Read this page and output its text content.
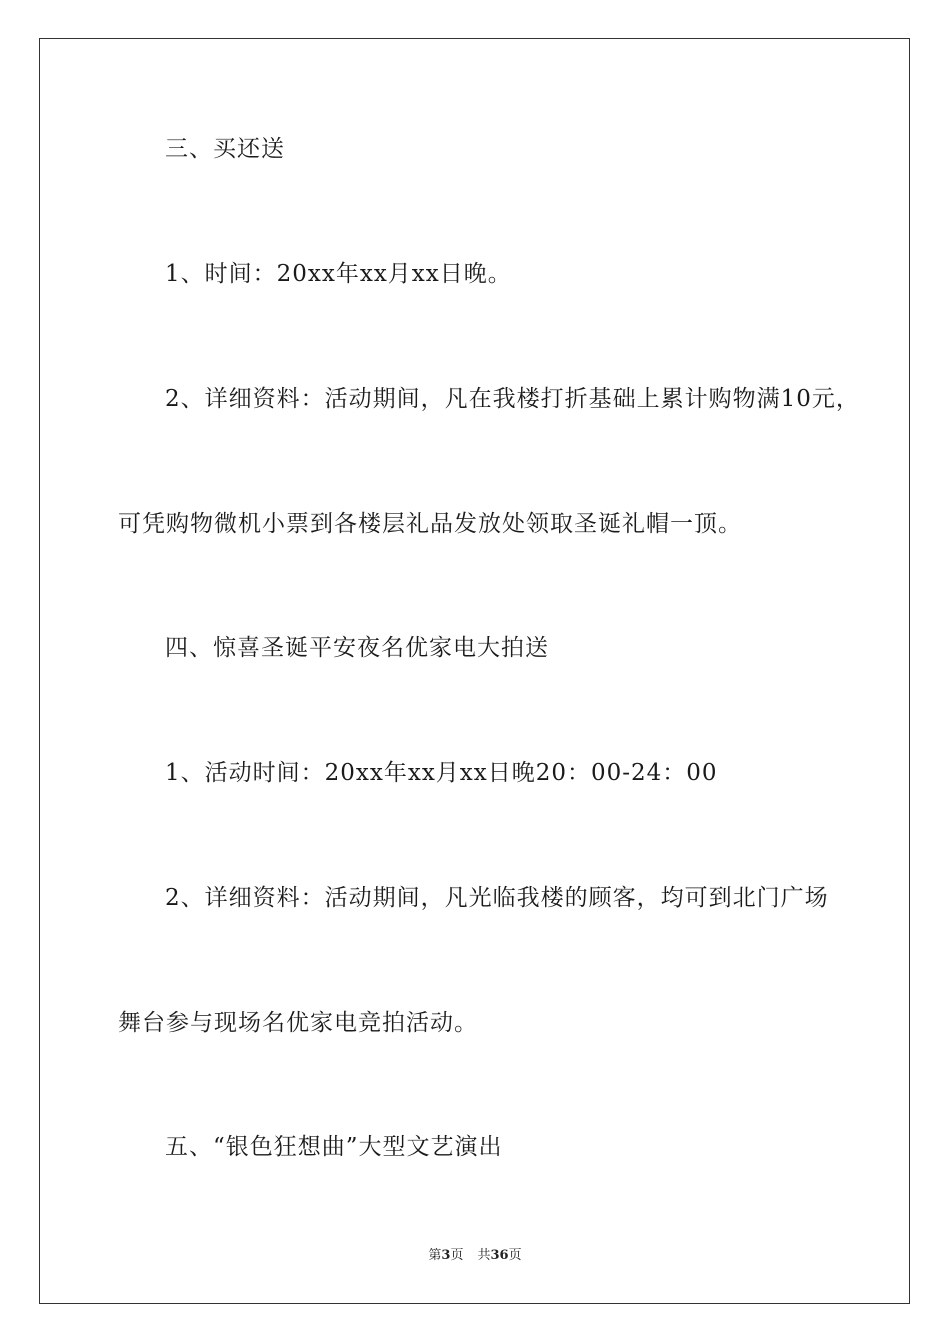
三、买还送
1、时间：20xx年xx月xx日晚。
2、详细资料：活动期间，凡在我楼打折基础上累计购物满10元，
可凭购物微机小票到各楼层礼品发放处领取圣诞礼帽一顶。
四、惊喜圣诞平安夜名优家电大拍送
1、活动时间：20xx年xx月xx日晚20：00-24：00
2、详细资料：活动期间，凡光临我楼的顾客，均可到北门广场
舞台参与现场名优家电竞拍活动。
五、“银色狂想曲”大型文艺演出
第3页 共36页
